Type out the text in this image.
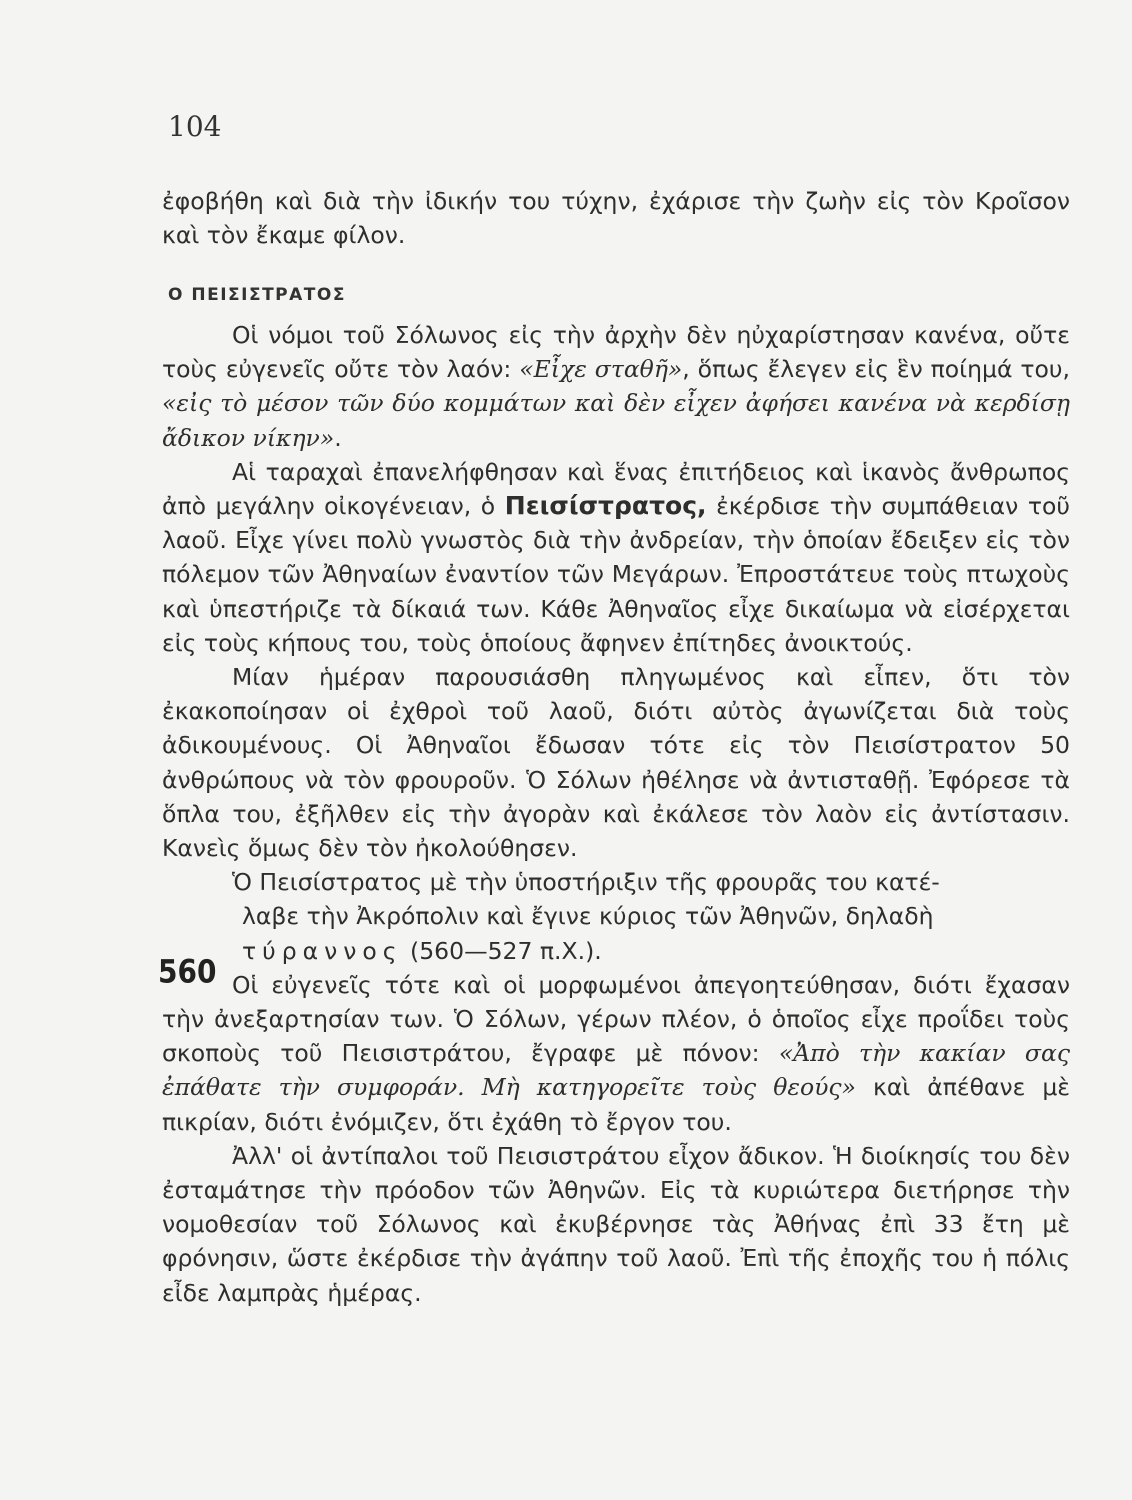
104

ἐφοβήθη καὶ διὰ τὴν ἰδικήν του τύχην, ἐχάρισε τὴν ζωὴν εἰς τὸν Κροῖσον καὶ τὸν ἔκαμε φίλον.

Ο ΠΕΙΣΙΣΤΡΑΤΟΣ

Οἱ νόμοι τοῦ Σόλωνος εἰς τὴν ἀρχὴν δὲν ηὐχαρίστησαν κανένα, οὔτε τοὺς εὐγενεῖς οὔτε τὸν λαόν: «Εἶχε σταθῆ», ὅπως ἔλεγεν εἰς ἓν ποίημά του, «εἰς τὸ μέσον τῶν δύο κομμάτων καὶ δὲν εἶχεν ἀφήσει κανένα νὰ κερδίσῃ ἄδικον νίκην».

Αἱ ταραχαὶ ἐπανελήφθησαν καὶ ἕνας ἐπιτήδειος καὶ ἱκανὸς ἄνθρωπος ἀπὸ μεγάλην οἰκογένειαν, ὁ Πεισίστρατος, ἐκέρδισε τὴν συμπάθειαν τοῦ λαοῦ. Εἶχε γίνει πολὺ γνωστὸς διὰ τὴν ἀνδρείαν, τὴν ὁποίαν ἔδειξεν εἰς τὸν πόλεμον τῶν Ἀθηναίων ἐναντίον τῶν Μεγάρων. Ἐπροστάτευε τοὺς πτωχοὺς καὶ ὑπεστήριζε τὰ δίκαιά των. Κάθε Ἀθηναῖος εἶχε δικαίωμα νὰ εἰσέρχεται εἰς τοὺς κήπους του, τοὺς ὁποίους ἄφηνεν ἐπίτηδες ἀνοικτούς.

Μίαν ἡμέραν παρουσιάσθη πληγωμένος καὶ εἶπεν, ὅτι τὸν ἐκακοποίησαν οἱ ἐχθροὶ τοῦ λαοῦ, διότι αὐτὸς ἀγωνίζεται διὰ τοὺς ἀδικουμένους. Οἱ Ἀθηναῖοι ἔδωσαν τότε εἰς τὸν Πεισίστρατον 50 ἀνθρώπους νὰ τὸν φρουροῦν. Ὁ Σόλων ἠθέλησε νὰ ἀντισταθῇ. Ἐφόρεσε τὰ ὅπλα του, ἐξῆλθεν εἰς τὴν ἀγορὰν καὶ ἐκάλεσε τὸν λαὸν εἰς ἀντίστασιν. Κανεὶς ὅμως δὲν τὸν ἠκολούθησεν.

Ὁ Πεισίστρατος μὲ τὴν ὑποστήριξιν τῆς φρουρᾶς του κατέ-

λαβε τὴν Ἀκρόπολιν καὶ ἔγινε κύριος τῶν Ἀθηνῶν, δηλαδὴ

τύραννος (560—527 π.Χ.).

Οἱ εὐγενεῖς τότε καὶ οἱ μορφωμένοι ἀπεγοητεύθησαν, διότι ἔχασαν τὴν ἀνεξαρτησίαν των. Ὁ Σόλων, γέρων πλέον, ὁ ὁποῖος εἶχε προΐδει τοὺς σκοποὺς τοῦ Πεισιστράτου, ἔγραφε μὲ πόνον: «Ἀπὸ τὴν κακίαν σας ἐπάθατε τὴν συμφοράν. Μὴ κατηγορεῖτε τοὺς θεούς» καὶ ἀπέθανε μὲ πικρίαν, διότι ἐνόμιζεν, ὅτι ἐχάθη τὸ ἔργον του.

Ἀλλ' οἱ ἀντίπαλοι τοῦ Πεισιστράτου εἶχον ἄδικον. Ἡ διοίκησίς του δὲν ἐσταμάτησε τὴν πρόοδον τῶν Ἀθηνῶν. Εἰς τὰ κυριώτερα διετήρησε τὴν νομοθεσίαν τοῦ Σόλωνος καὶ ἐκυβέρνησε τὰς Ἀθήνας ἐπὶ 33 ἔτη μὲ φρόνησιν, ὥστε ἐκέρδισε τὴν ἀγάπην τοῦ λαοῦ. Ἐπὶ τῆς ἐποχῆς του ἡ πόλις εἶδε λαμπρὰς ἡμέρας.

560
